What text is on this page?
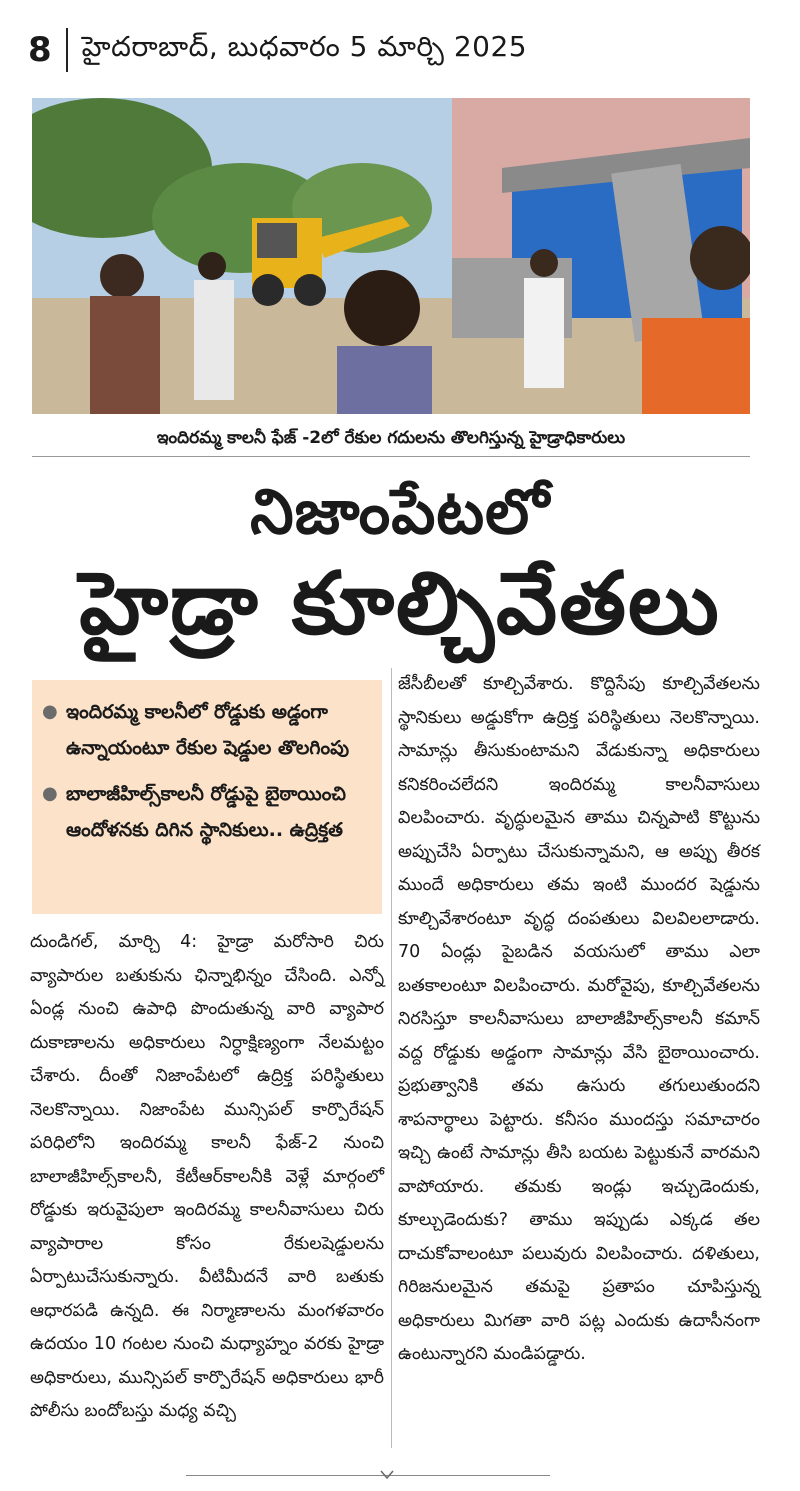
8	హైదరాబాద్, బుధవారం 5 మార్చి 2025
ఇందిరమ్మ కాలనీ ఫేజ్ -2లో రేకుల గదులను తొలగిస్తున్న హైడ్రాధికారులు
నిజాంపేటలో
హైడ్రా కూల్చివేతలు
● ఇందిరమ్మ కాలనీలో రోడ్డుకు అడ్డంగా ఉన్నాయంటూ రేకుల షెడ్డుల తొలగింపు
● బాలాజీహిల్స్‌కాలనీ రోడ్డుపై బైఠాయించి ఆందోళనకు దిగిన స్థానికులు.. ఉద్రిక్తత
దుండిగల్, మార్చి 4: హైడ్రా మరోసారి చిరు వ్యాపారుల బతుకును ఛిన్నాభిన్నం చేసింది. ఎన్నో ఏండ్ల నుంచి ఉపాధి పొందుతున్న వారి వ్యాపార దుకాణాలను అధికారులు నిర్ధాక్షిణ్యంగా నేలమట్టం చేశారు. దీంతో నిజాంపేటలో ఉద్రిక్త పరిస్థితులు నెలకొన్నాయి. నిజాంపేట మున్సిపల్ కార్పొరేషన్ పరిధిలోని ఇందిరమ్మ కాలనీ ఫేజ్-2 నుంచి బాలాజీహిల్స్‌కాలనీ, కేటీఆర్‌కాలనీకి వెళ్లే మార్గంలో రోడ్డుకు ఇరువైపులా ఇందిరమ్మ కాలనీవాసులు చిరు వ్యాపారాల కోసం రేకులషెడ్డులను ఏర్పాటుచేసుకున్నారు. వీటిమీదనే వారి బతుకు ఆధారపడి ఉన్నది. ఈ నిర్మాణాలను మంగళవారం ఉదయం 10 గంటల నుంచి మధ్యాహ్నం వరకు హైడ్రా అధికారులు, మున్సిపల్ కార్పొరేషన్ అధికారులు భారీ పోలీసు బందోబస్తు మధ్య వచ్చి
జేసీబీలతో కూల్చివేశారు. కొద్దిసేపు కూల్చివేతలను స్థానికులు అడ్డుకోగా ఉద్రిక్త పరిస్థితులు నెలకొన్నాయి. సామాన్లు తీసుకుంటామని వేడుకున్నా అధికారులు కనికరించలేదని ఇందిరమ్మ కాలనీవాసులు విలపించారు. వృద్ధులమైన తాము చిన్నపాటి కొట్టును అప్పుచేసి ఏర్పాటు చేసుకున్నామని, ఆ అప్పు తీరక ముందే అధికారులు తమ ఇంటి ముందర షెడ్డును కూల్చివేశారంటూ వృద్ధ దంపతులు విలవిలలాడారు. 70 ఏండ్లు పైబడిన వయసులో తాము ఎలా బతకాలంటూ విలపించారు. మరోవైపు, కూల్చివేతలను నిరసిస్తూ కాలనీవాసులు బాలాజీహిల్స్‌కాలనీ కమాన్ వద్ద రోడ్డుకు అడ్డంగా సామాన్లు వేసి బైఠాయించారు. ప్రభుత్వానికి తమ ఉసురు తగులుతుందని శాపనార్థాలు పెట్టారు. కనీసం ముందస్తు సమాచారం ఇచ్చి ఉంటే సామాన్లు తీసి బయట పెట్టుకునే వారమని వాపోయారు. తమకు ఇండ్లు ఇచ్చుడెందుకు, కూల్చుడెందుకు? తాము ఇప్పుడు ఎక్కడ తల దాచుకోవాలంటూ పలువురు విలపించారు. దళితులు, గిరిజనులమైన తమపై ప్రతాపం చూపిస్తున్న అధికారులు మిగతా వారి పట్ల ఎందుకు ఉదాసీనంగా ఉంటున్నారని మండిపడ్డారు.
